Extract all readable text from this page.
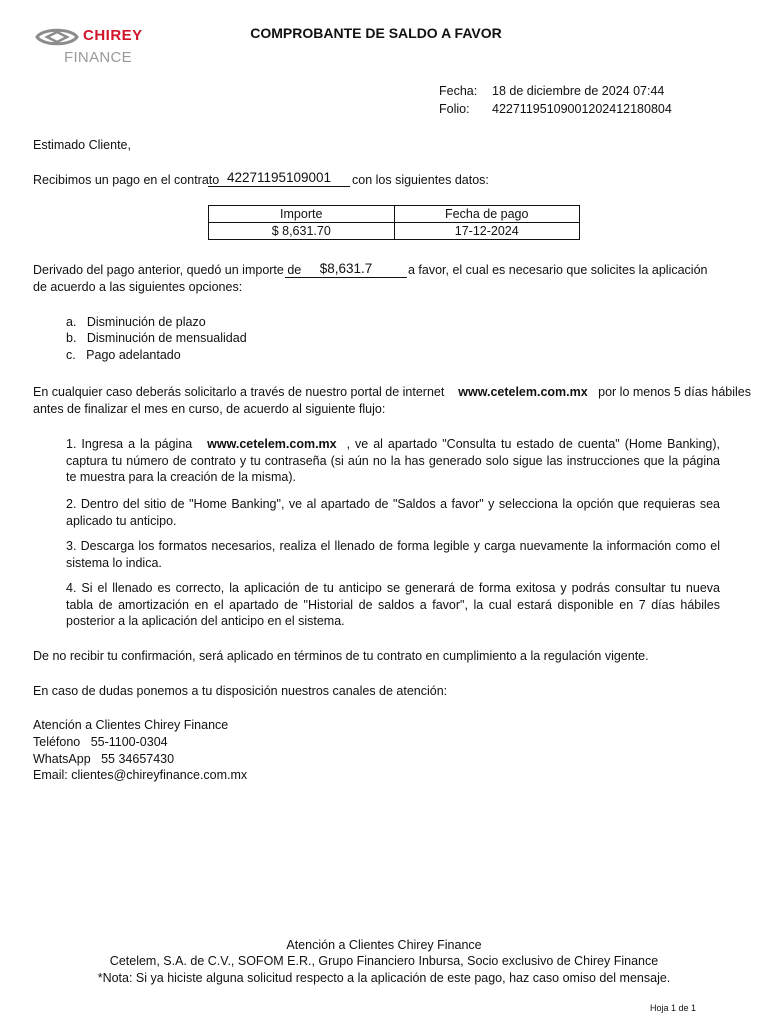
CHIREY
FINANCE
COMPROBANTE DE SALDO A FAVOR
Fecha: 18 de diciembre de 2024 07:44
Folio: 42271195109001202412180804
Estimado Cliente,
Recibimos un pago en el contrato 42271195109001	con los siguientes datos:
Importe	Fecha de pago
$ 8,631.70	17-12-2024
Derivado del pago anterior, quedó un importe de	$8,631.7	a favor, el cual es necesario que solicites la aplicación
de acuerdo a las siguientes opciones:
a. Disminución de plazo
b. Disminución de mensualidad
c. Pago adelantado
En cualquier caso deberás solicitarlo a través de nuestro portal de internet www.cetelem.com.mx por lo menos 5 días hábiles
antes de finalizar el mes en curso, de acuerdo al siguiente flujo:
1. Ingresa a la página www.cetelem.com.mx , ve al apartado "Consulta tu estado de cuenta" (Home Banking), captura tu número de contrato y tu contraseña (si aún no la has generado solo sigue las instrucciones que la página te muestra para la creación de la misma).
2. Dentro del sitio de "Home Banking", ve al apartado de "Saldos a favor" y selecciona la opción que requieras sea aplicado tu anticipo.
3. Descarga los formatos necesarios, realiza el llenado de forma legible y carga nuevamente la información como el sistema lo indica.
4. Si el llenado es correcto, la aplicación de tu anticipo se generará de forma exitosa y podrás consultar tu nueva tabla de amortización en el apartado de "Historial de saldos a favor", la cual estará disponible en 7 días hábiles posterior a la aplicación del anticipo en el sistema.
De no recibir tu confirmación, será aplicado en términos de tu contrato en cumplimiento a la regulación vigente.
En caso de dudas ponemos a tu disposición nuestros canales de atención:
Atención a Clientes Chirey Finance
Teléfono 55-1100-0304
WhatsApp 55 34657430
Email: clientes@chireyfinance.com.mx
Atención a Clientes Chirey Finance
Cetelem, S.A. de C.V., SOFOM E.R., Grupo Financiero Inbursa, Socio exclusivo de Chirey Finance
*Nota: Si ya hiciste alguna solicitud respecto a la aplicación de este pago, haz caso omiso del mensaje.
Hoja 1 de 1
